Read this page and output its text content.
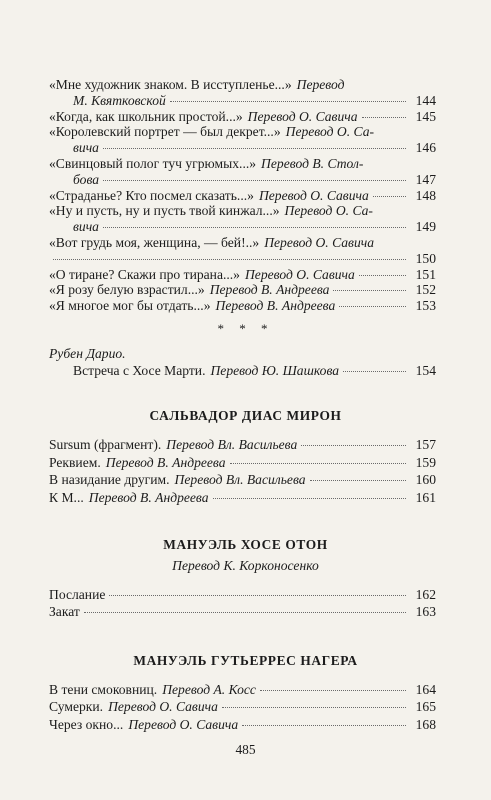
«Мне художник знаком. В исступленье...» Перевод
М. Квятковской	144
«Когда, как школьник простой...» Перевод О. Савича	145
«Королевский портрет — был декрет...» Перевод О. Са-
вича	146
«Свинцовый полог туч угрюмых...» Перевод В. Стол-
бова	147
«Страданье? Кто посмел сказать...» Перевод О. Савича	148
«Ну и пусть, ну и пусть твой кинжал...» Перевод О. Са-
вича	149
«Вот грудь моя, женщина, — бей!..» Перевод О. Савича
150
«О тиране? Скажи про тирана...» Перевод О. Савича	151
«Я розу белую взрастил...» Перевод В. Андреева	152
«Я многое мог бы отдать...» Перевод В. Андреева	153
* * *
Рубен Дарио.
Встреча с Хосе Марти. Перевод Ю. Шашкова	154
САЛЬВАДОР ДИАС МИРОН
Sursum (фрагмент). Перевод Вл. Васильева	157
Реквием. Перевод В. Андреева	159
В назидание другим. Перевод Вл. Васильева	160
К М... Перевод В. Андреева	161
МАНУЭЛЬ ХОСЕ ОТОН
Перевод К. Корконосенко
Послание	162
Закат	163
МАНУЭЛЬ ГУТЬЕРРЕС НАГЕРА
В тени смоковниц. Перевод А. Косс	164
Сумерки. Перевод О. Савича	165
Через окно... Перевод О. Савича	168
485
